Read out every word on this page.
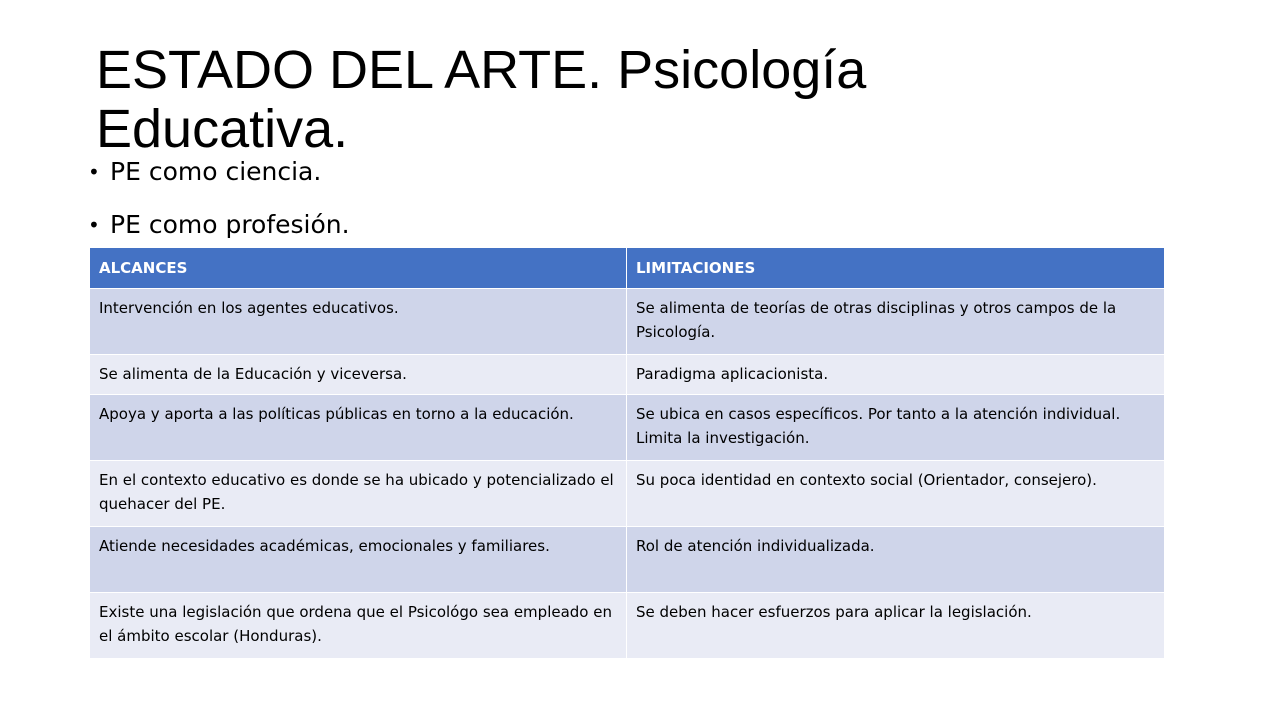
• PE como ciencia.
• PE como profesión.
ESTADO DEL ARTE. Psicología Educativa.
ALCANCES	LIMITACIONES
Intervención en los agentes educativos.	Se alimenta de teorías de otras disciplinas y otros campos de la Psicología.
Se alimenta de la Educación y viceversa.	Paradigma aplicacionista.
Apoya y aporta a las políticas públicas en torno a la educación.	Se ubica en casos específicos. Por tanto a la atención individual. Limita la investigación.
En el contexto educativo es donde se ha ubicado y potencializado el quehacer del PE.	Su poca identidad en contexto social (Orientador, consejero).
Atiende necesidades académicas, emocionales y familiares.	Rol de atención individualizada.
Existe una legislación que ordena que el Psicológo sea empleado en el ámbito escolar (Honduras).	Se deben hacer esfuerzos para aplicar la legislación.
